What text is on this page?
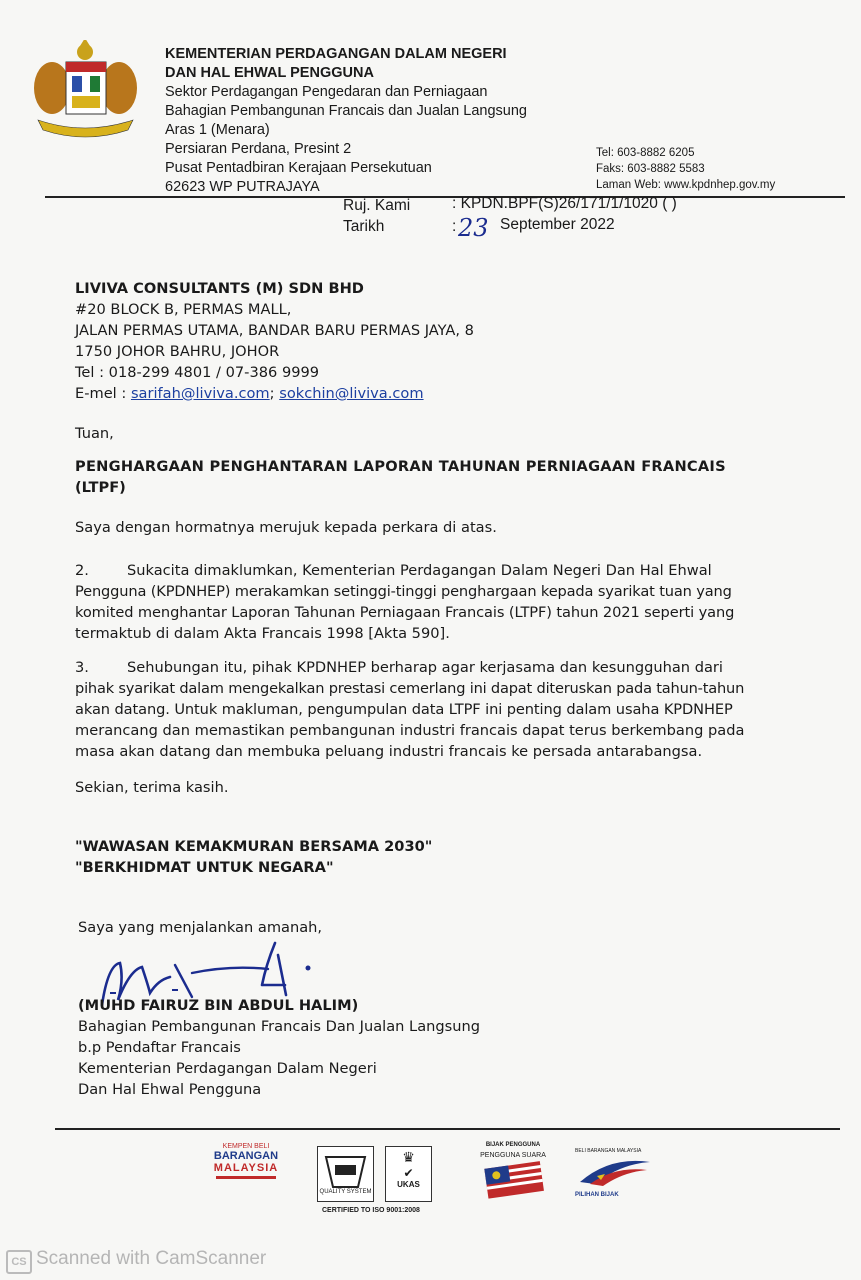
KEMENTERIAN PERDAGANGAN DALAM NEGERI
DAN HAL EHWAL PENGGUNA
Sektor Perdagangan Pengedaran dan Perniagaan
Bahagian Pembangunan Francais dan Jualan Langsung
Aras 1 (Menara)
Persiaran Perdana, Presint 2
Pusat Pentadbiran Kerajaan Persekutuan
62623 WP PUTRAJAYA
Tel: 603-8882 6205
Faks: 603-8882 5583
Laman Web: www.kpdnhep.gov.my
Ruj. Kami	: KPDN.BPF(S)26/171/1/1020 ( )
Tarikh	: 23 September 2022
LIVIVA CONSULTANTS (M) SDN BHD
#20 BLOCK B, PERMAS MALL,
JALAN PERMAS UTAMA, BANDAR BARU PERMAS JAYA, 8
1750 JOHOR BAHRU, JOHOR
Tel : 018-299 4801 / 07-386 9999
E-mel : sarifah@liviva.com; sokchin@liviva.com
Tuan,
PENGHARGAAN PENGHANTARAN LAPORAN TAHUNAN PERNIAGAAN FRANCAIS
(LTPF)
Saya dengan hormatnya merujuk kepada perkara di atas.
2.	Sukacita dimaklumkan, Kementerian Perdagangan Dalam Negeri Dan Hal Ehwal
Pengguna (KPDNHEP) merakamkan setinggi-tinggi penghargaan kepada syarikat tuan yang
komited menghantar Laporan Tahunan Perniagaan Francais (LTPF) tahun 2021 seperti yang
termaktub di dalam Akta Francais 1998 [Akta 590].
3.	Sehubungan itu, pihak KPDNHEP berharap agar kerjasama dan kesungguhan dari
pihak syarikat dalam mengekalkan prestasi cemerlang ini dapat diteruskan pada tahun-tahun
akan datang. Untuk makluman, pengumpulan data LTPF ini penting dalam usaha KPDNHEP
merancang dan memastikan pembangunan industri francais dapat terus berkembang pada
masa akan datang dan membuka peluang industri francais ke persada antarabangsa.
Sekian, terima kasih.
"WAWASAN KEMAKMURAN BERSAMA 2030"
"BERKHIDMAT UNTUK NEGARA"
Saya yang menjalankan amanah,
(MUHD FAIRUZ BIN ABDUL HALIM)
Bahagian Pembangunan Francais Dan Jualan Langsung
b.p Pendaftar Francais
Kementerian Perdagangan Dalam Negeri
Dan Hal Ehwal Pengguna
KEMPEN BELI
BARANGAN
MALAYSIA
QUALITY SYSTEM
♛
✔
UKAS
CERTIFIED TO ISO 9001:2008
BIJAK PENGGUNA
PENGGUNA SUARA
BELI BARANGAN MALAYSIA
PILIHAN BIJAK
CS Scanned with CamScanner
